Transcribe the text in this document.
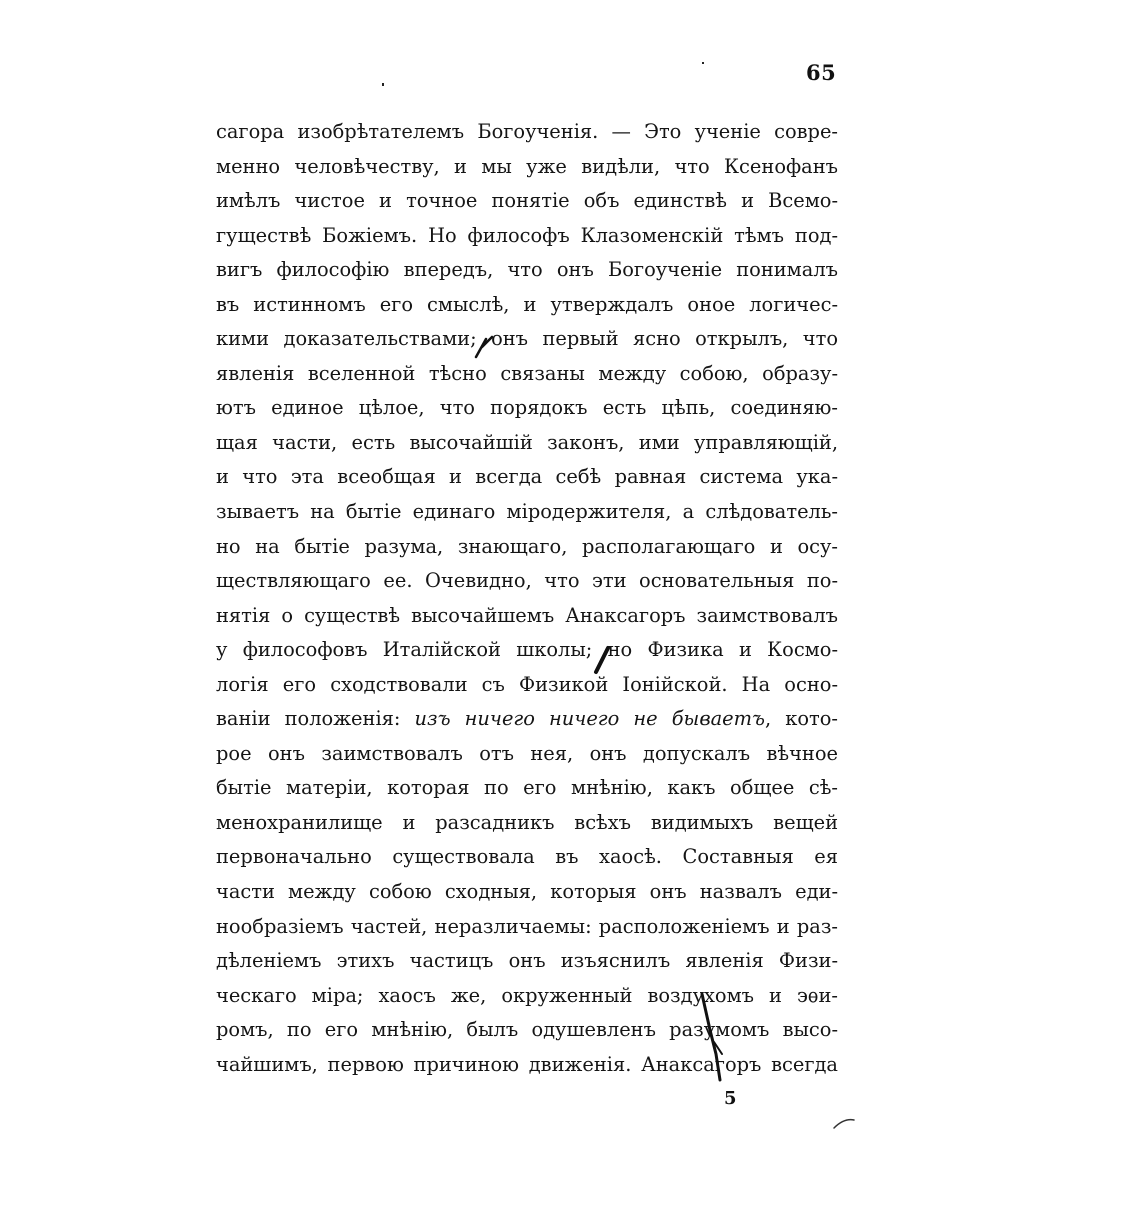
65
сагора изобрѣтателемъ Богоученія. — Это ученіе совре-
менно человѣчеству, и мы уже видѣли, что Ксенофанъ
имѣлъ чистое и точное понятіе объ единствѣ и Всемо-
гуществѣ Божіемъ. Но философъ Клазоменскій тѣмъ под-
вигъ философію впередъ, что онъ Богоученіе понималъ
въ истинномъ его смыслѣ, и утверждалъ оное логичес-
кими доказательствами; онъ первый ясно открылъ, что
явленія вселенной тѣсно связаны между собою, образу-
ютъ единое цѣлое, что порядокъ есть цѣпь, соединяю-
щая части, есть высочайшій законъ, ими управляющій,
и что эта всеобщая и всегда себѣ равная система ука-
зываетъ на бытіе единаго міродержителя, а слѣдователь-
но на бытіе разума, знающаго, располагающаго и осу-
ществляющаго ее. Очевидно, что эти основательныя по-
нятія о существѣ высочайшемъ Анаксагоръ заимствовалъ
у философовъ Италійской школы; но Физика и Космо-
логія его сходствовали съ Физикой Іонійской. На осно-
ваніи положенія: изъ ничего ничего не бываетъ, кото-
рое онъ заимствовалъ отъ нея, онъ допускалъ вѣчное
бытіе матеріи, которая по его мнѣнію, какъ общее сѣ-
менохранилище и разсадникъ всѣхъ видимыхъ вещей
первоначально существовала въ хаосѣ. Составныя ея
части между собою сходныя, которыя онъ назвалъ еди-
нообразіемъ частей, неразличаемы: расположеніемъ и раз-
дѣленіемъ этихъ частицъ онъ изъяснилъ явленія Физи-
ческаго міра; хаосъ же, окруженный воздухомъ и эѳи-
ромъ, по его мнѣнію, былъ одушевленъ разумомъ высо-
чайшимъ, первою причиною движенія. Анаксагоръ всегда
5
